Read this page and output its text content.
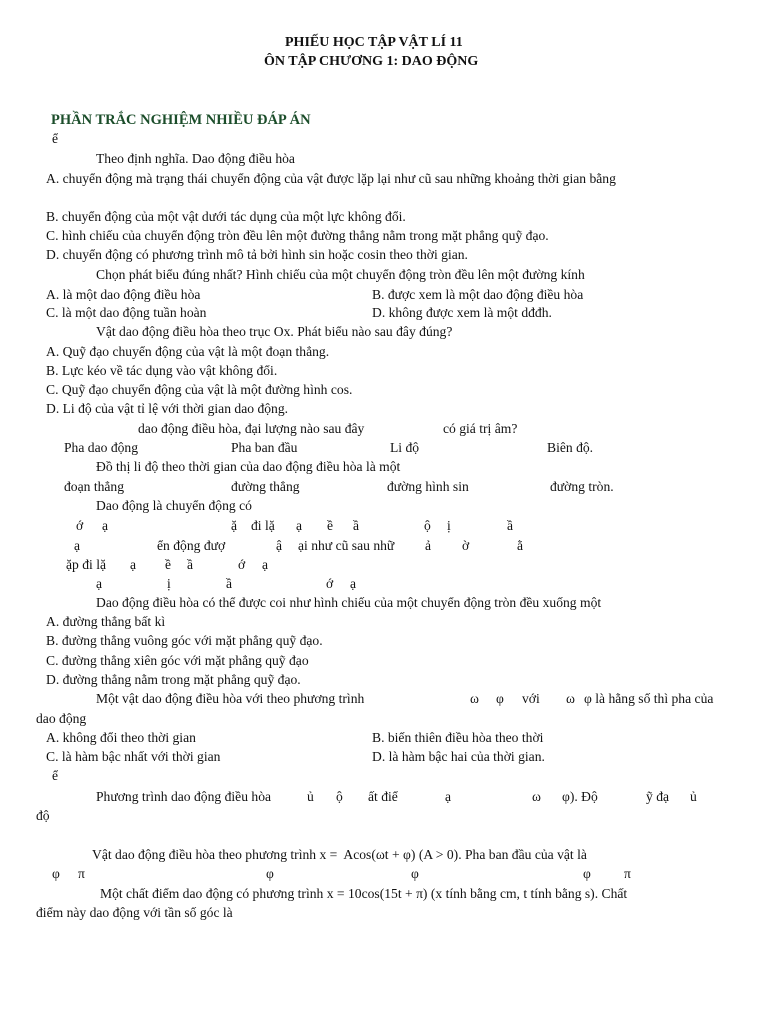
PHIẾU HỌC TẬP VẬT LÍ 11
ÔN TẬP CHƯƠNG 1: DAO ĐỘNG
PHẦN TRẮC NGHIỆM NHIỀU ĐÁP ÁN
ể
Theo định nghĩa. Dao động điều hòa
A. chuyển động mà trạng thái chuyển động của vật được lặp lại như cũ sau những khoảng thời gian bằng
B. chuyển động của một vật dưới tác dụng của một lực không đổi.
C. hình chiếu của chuyển động tròn đều lên một đường thẳng nằm trong mặt phẳng quỹ đạo.
D. chuyển động có phương trình mô tả bởi hình sin hoặc cosin theo thời gian.
Chọn phát biểu đúng nhất? Hình chiếu của một chuyển động tròn đều lên một đường kính
A. là một dao động điều hòa	B. được xem là một dao động điều hòa
C. là một dao động tuần hoàn	D. không được xem là một dđđh.
Vật dao động điều hòa theo trục Ox. Phát biểu nào sau đây đúng?
A. Quỹ đạo chuyển động của vật là một đoạn thẳng.
B. Lực kéo về tác dụng vào vật không đổi.
C. Quỹ đạo chuyển động của vật là một đường hình cos.
D. Li độ của vật tỉ lệ với thời gian dao động.
dao động điều hòa, đại lượng nào sau đây	có giá trị âm?
Pha dao động	Pha ban đầu	Li độ	Biên độ.
Đồ thị li độ theo thời gian của dao động điều hòa là một
đoạn thẳng	đường thẳng	đường hình sin	đường tròn.
Dao động là chuyển động có
ớ ạ	ặ đi lặ ạ ề ầ	ộ ị	ầ
ạ	ển động đượ	ậ ại như cũ sau nhữ ả ờ	ằ
ặp đi lặ ạ ề ầ	ớ ạ
ạ	ị	ầ	ớ ạ
Dao động điều hòa có thể được coi như hình chiếu của một chuyển động tròn đều xuống một
A. đường thẳng bất kì
B. đường thẳng vuông góc với mặt phẳng quỹ đạo.
C. đường thẳng xiên góc với mặt phẳng quỹ đạo
D. đường thẳng nằm trong mặt phẳng quỹ đạo.
Một vật dao động điều hòa với theo phương trình	ω φ với ω φ là hằng số thì pha của
dao động
A. không đổi theo thời gian	B. biến thiên điều hòa theo thời
C. là hàm bậc nhất với thời gian	D. là hàm bậc hai của thời gian.
ể
Phương trình dao động điều hòa	ủ ộ ất điể	ạ	ω φ). Độ	ỹ đạ ủ
độ
Vật dao động điều hòa theo phương trình x =  Acos(ωt + φ) (A > 0). Pha ban đầu của vật là
φ π	φ	φ	φ π
Một chất điểm dao động có phương trình x = 10cos(15t + π) (x tính bằng cm, t tính bằng s). Chất
điểm này dao động với tần số góc là
